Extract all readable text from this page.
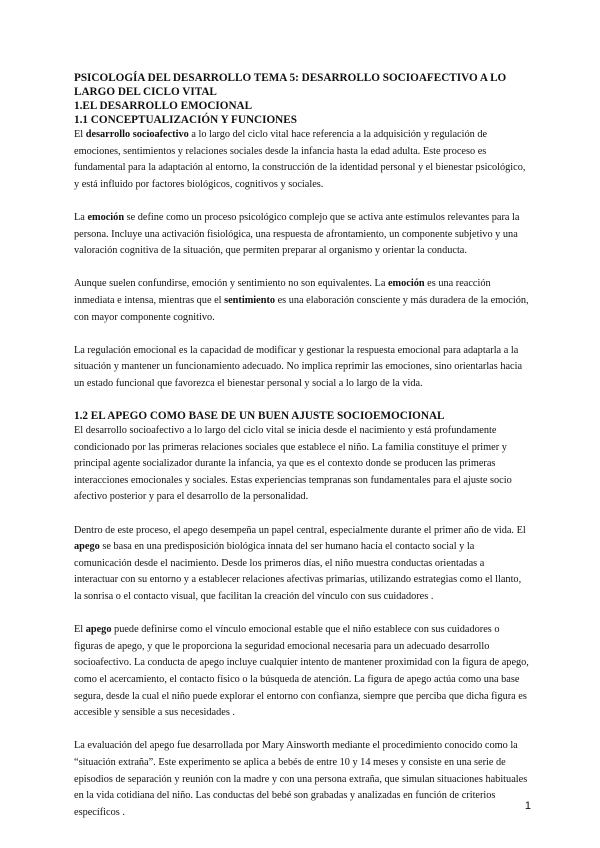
PSICOLOGÍA DEL DESARROLLO TEMA 5: DESARROLLO SOCIOAFECTIVO A LO LARGO DEL CICLO VITAL
1.EL DESARROLLO EMOCIONAL
1.1 CONCEPTUALIZACIÓN Y FUNCIONES

El desarrollo socioafectivo a lo largo del ciclo vital hace referencia a la adquisición y regulación de emociones, sentimientos y relaciones sociales desde la infancia hasta la edad adulta. Este proceso es fundamental para la adaptación al entorno, la construcción de la identidad personal y el bienestar psicológico, y está influido por factores biológicos, cognitivos y sociales.

La emoción se define como un proceso psicológico complejo que se activa ante estímulos relevantes para la persona. Incluye una activación fisiológica, una respuesta de afrontamiento, un componente subjetivo y una valoración cognitiva de la situación, que permiten preparar al organismo y orientar la conducta.

Aunque suelen confundirse, emoción y sentimiento no son equivalentes. La emoción es una reacción inmediata e intensa, mientras que el sentimiento es una elaboración consciente y más duradera de la emoción, con mayor componente cognitivo.

La regulación emocional es la capacidad de modificar y gestionar la respuesta emocional para adaptarla a la situación y mantener un funcionamiento adecuado. No implica reprimir las emociones, sino orientarlas hacia un estado funcional que favorezca el bienestar personal y social a lo largo de la vida.

1.2 EL APEGO COMO BASE DE UN BUEN AJUSTE SOCIOEMOCIONAL

El desarrollo socioafectivo a lo largo del ciclo vital se inicia desde el nacimiento y está profundamente condicionado por las primeras relaciones sociales que establece el niño. La familia constituye el primer y principal agente socializador durante la infancia, ya que es el contexto donde se producen las primeras interacciones emocionales y sociales. Estas experiencias tempranas son fundamentales para el ajuste socio afectivo posterior y para el desarrollo de la personalidad.

Dentro de este proceso, el apego desempeña un papel central, especialmente durante el primer año de vida. El apego se basa en una predisposición biológica innata del ser humano hacia el contacto social y la comunicación desde el nacimiento. Desde los primeros días, el niño muestra conductas orientadas a interactuar con su entorno y a establecer relaciones afectivas primarias, utilizando estrategias como el llanto, la sonrisa o el contacto visual, que facilitan la creación del vínculo con sus cuidadores .

El apego puede definirse como el vínculo emocional estable que el niño establece con sus cuidadores o figuras de apego, y que le proporciona la seguridad emocional necesaria para un adecuado desarrollo socioafectivo. La conducta de apego incluye cualquier intento de mantener proximidad con la figura de apego, como el acercamiento, el contacto físico o la búsqueda de atención. La figura de apego actúa como una base segura, desde la cual el niño puede explorar el entorno con confianza, siempre que perciba que dicha figura es accesible y sensible a sus necesidades .

La evaluación del apego fue desarrollada por Mary Ainsworth mediante el procedimiento conocido como la “situación extraña”. Este experimento se aplica a bebés de entre 10 y 14 meses y consiste en una serie de episodios de separación y reunión con la madre y con una persona extraña, que simulan situaciones habituales en la vida cotidiana del niño. Las conductas del bebé son grabadas y analizadas en función de criterios específicos .

1
